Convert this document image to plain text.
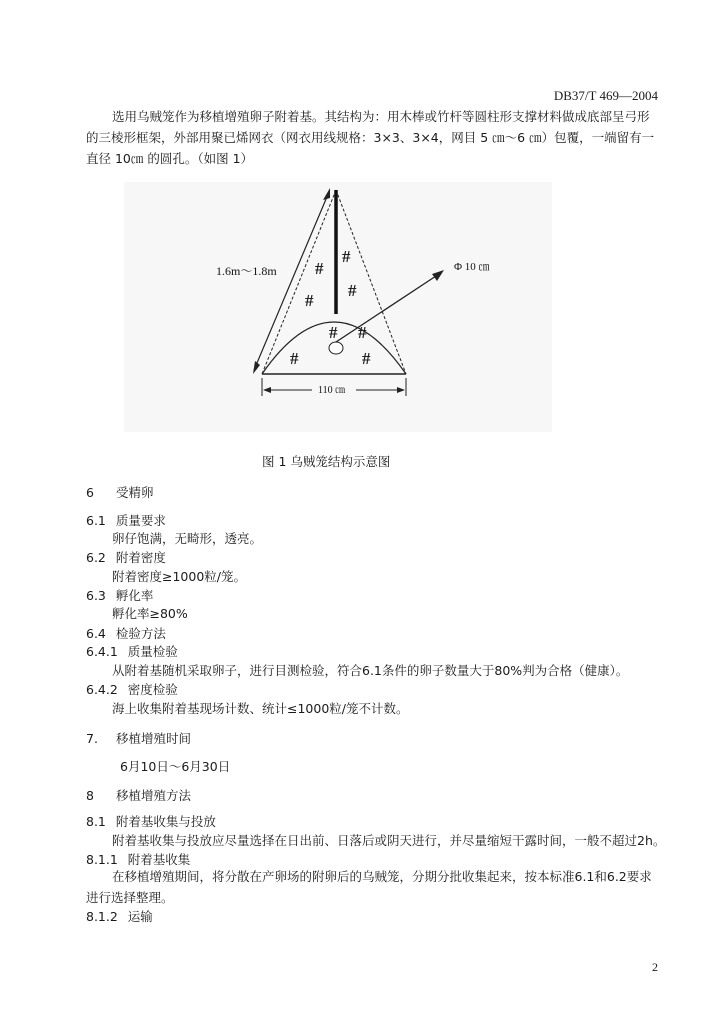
DB37/T 469—2004
选用乌贼笼作为移植增殖卵子附着基。其结构为：用木棒或竹杆等圆柱形支撑材料做成底部呈弓形的三棱形框架，外部用聚已烯网衣（网衣用线规格：3×3、3×4，网目 5 ㎝～6 ㎝）包覆，一端留有一直径 10㎝ 的圆孔。（如图 1）
1.6m～1.8m	Φ 10 ㎝
110 ㎝
#
#
#
#
#
#
#	#
图 1 乌贼笼结构示意图
6 受精卵
6.1 质量要求
卵仔饱满，无畸形，透亮。
6.2 附着密度
附着密度≥1000粒/笼。
6.3 孵化率
孵化率≥80%
6.4 检验方法
6.4.1 质量检验
从附着基随机采取卵子，进行目测检验，符合6.1条件的卵子数量大于80%判为合格（健康）。
6.4.2 密度检验
海上收集附着基现场计数、统计≤1000粒/笼不计数。
7. 移植增殖时间
6月10日～6月30日
8 移植增殖方法
8.1 附着基收集与投放
附着基收集与投放应尽量选择在日出前、日落后或阴天进行，并尽量缩短干露时间，一般不超过2h。
8.1.1 附着基收集
在移植增殖期间，将分散在产卵场的附卵后的乌贼笼，分期分批收集起来，按本标准6.1和6.2要求进行选择整理。
8.1.2 运输
2
